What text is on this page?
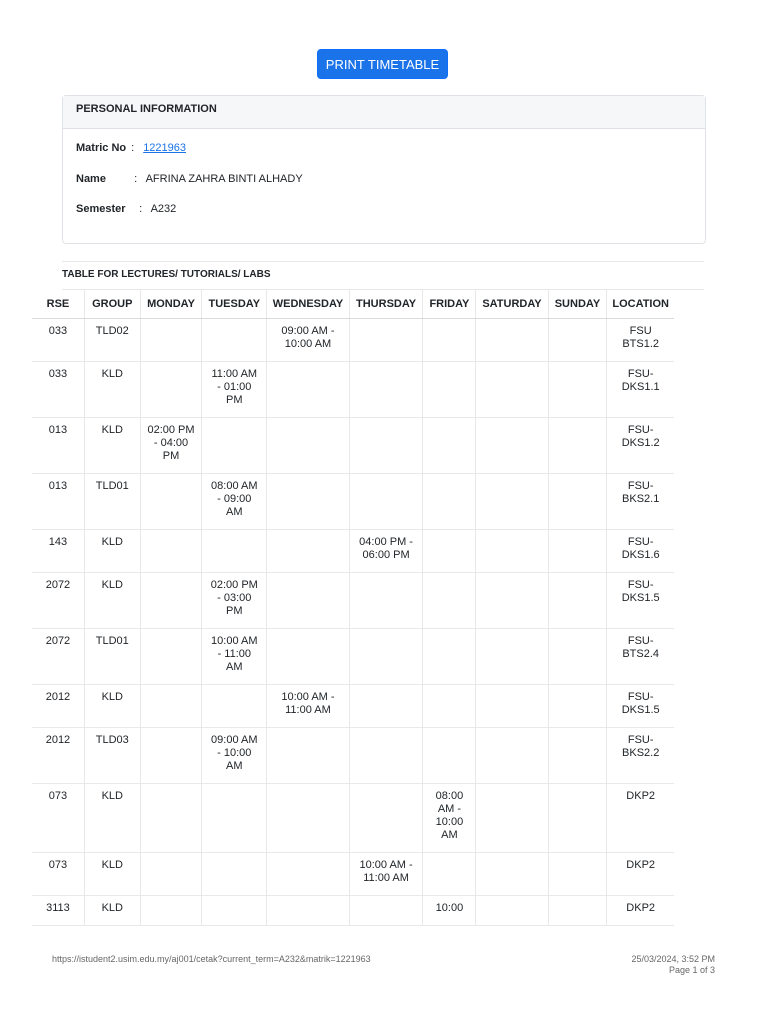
PRINT TIMETABLE
PERSONAL INFORMATION
Matric No : 1221963
Name	: AFRINA ZAHRA BINTI ALHADY
Semester : A232
TABLE FOR LECTURES/ TUTORIALS/ LABS
RSE	GROUP	MONDAY	TUESDAY	WEDNESDAY	THURSDAY	FRIDAY	SATURDAY	SUNDAY	LOCATION
033	TLD02			09:00 AM - 10:00 AM					FSU BTS1.2
033	KLD		11:00 AM - 01:00 PM						FSU-DKS1.1
013	KLD	02:00 PM - 04:00 PM							FSU-DKS1.2
013	TLD01		08:00 AM - 09:00 AM						FSU-BKS2.1
143	KLD				04:00 PM - 06:00 PM				FSU-DKS1.6
2072	KLD		02:00 PM - 03:00 PM						FSU-DKS1.5
2072	TLD01		10:00 AM - 11:00 AM						FSU-BTS2.4
2012	KLD			10:00 AM - 11:00 AM					FSU-DKS1.5
2012	TLD03		09:00 AM - 10:00 AM						FSU-BKS2.2
073	KLD					08:00 AM - 10:00 AM			DKP2
073	KLD				10:00 AM - 11:00 AM				DKP2
3113	KLD					10:00			DKP2
https://istudent2.usim.edu.my/aj001/cetak?current_term=A232&matrik=1221963	25/03/2024, 3:52 PM
Page 1 of 3
